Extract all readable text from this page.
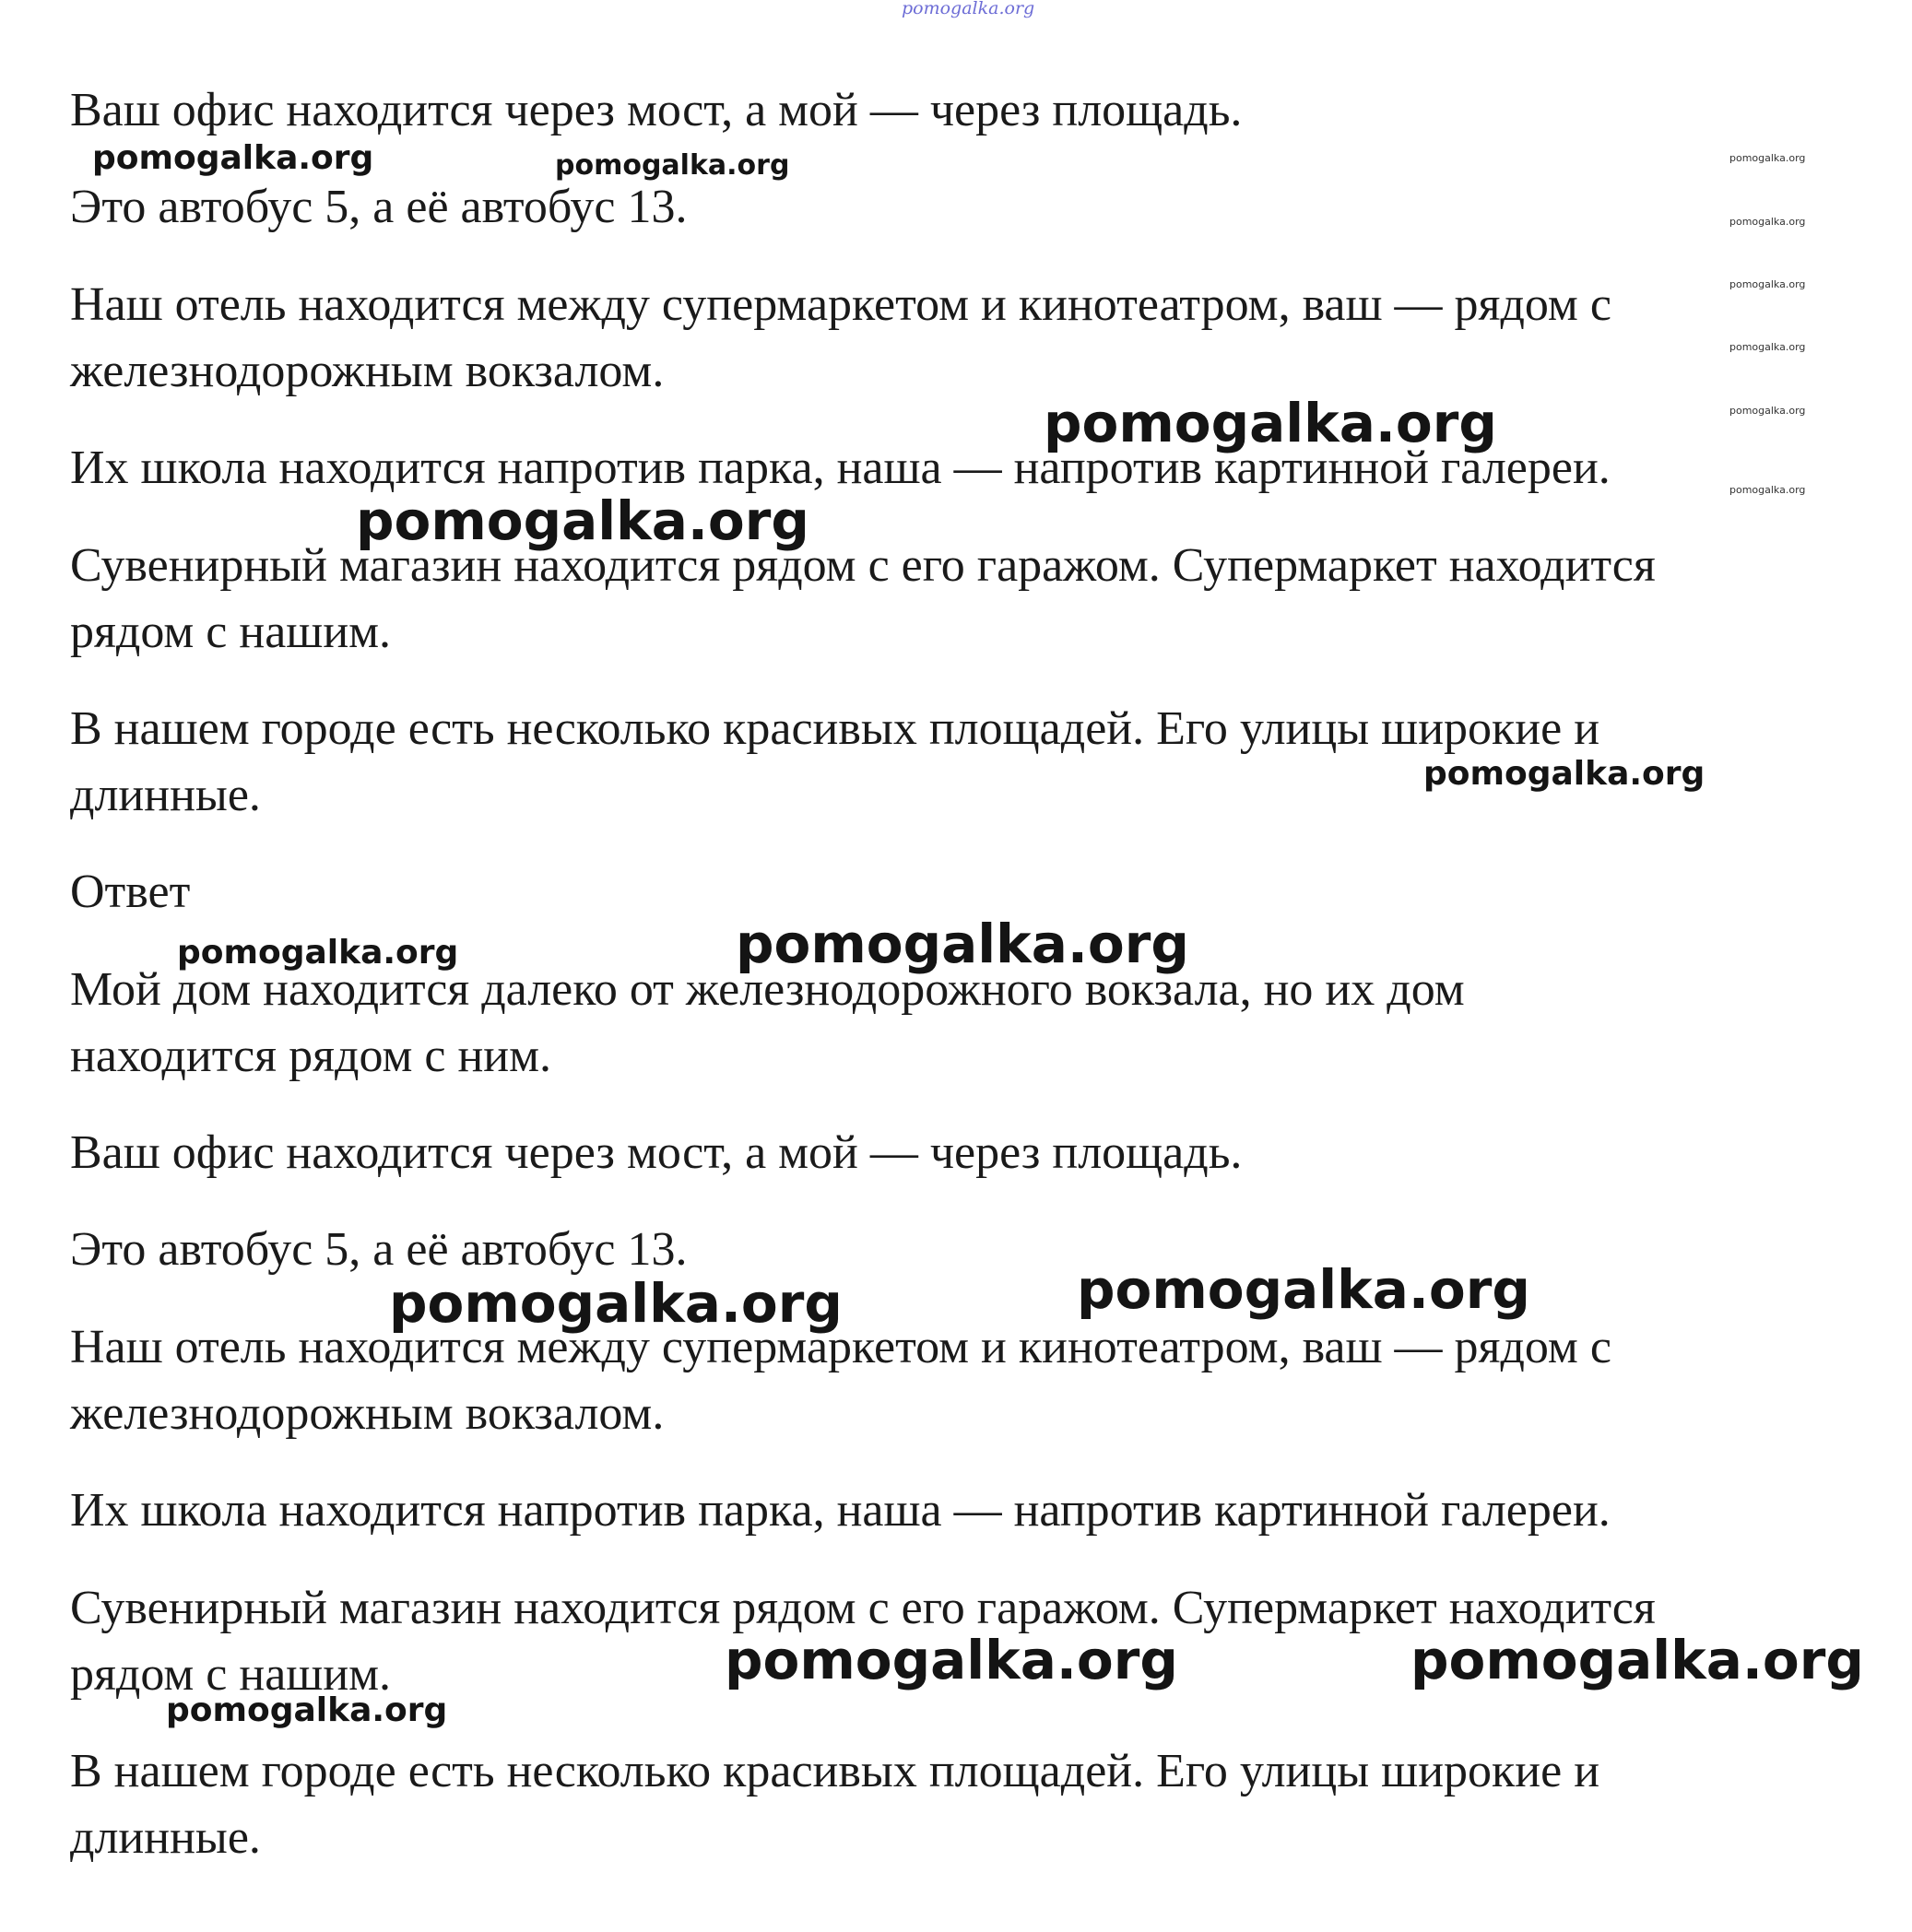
pomogalka.org

Ваш офис находится через мост, а мой — через площадь.

Это автобус 5, а её автобус 13.

Наш отель находится между супермаркетом и кинотеатром, ваш — рядом с
железнодорожным вокзалом.

Их школа находится напротив парка, наша — напротив картинной галереи.

Сувенирный магазин находится рядом с его гаражом. Супермаркет находится
рядом с нашим.

В нашем городе есть несколько красивых площадей. Его улицы широкие и
длинные.

Ответ

Мой дом находится далеко от железнодорожного вокзала, но их дом
находится рядом с ним.

Ваш офис находится через мост, а мой — через площадь.

Это автобус 5, а её автобус 13.

Наш отель находится между супермаркетом и кинотеатром, ваш — рядом с
железнодорожным вокзалом.

Их школа находится напротив парка, наша — напротив картинной галереи.

Сувенирный магазин находится рядом с его гаражом. Супермаркет находится
рядом с нашим.

В нашем городе есть несколько красивых площадей. Его улицы широкие и
длинные.

pomogalka.org	pomogalka.org
pomogalka.org
pomogalka.org
pomogalka.org
pomogalka.org	pomogalka.org
pomogalka.org	pomogalka.org
pomogalka.org	pomogalka.org
pomogalka.org
pomogalka.org
pomogalka.org
pomogalka.org
pomogalka.org
pomogalka.org
pomogalka.org
